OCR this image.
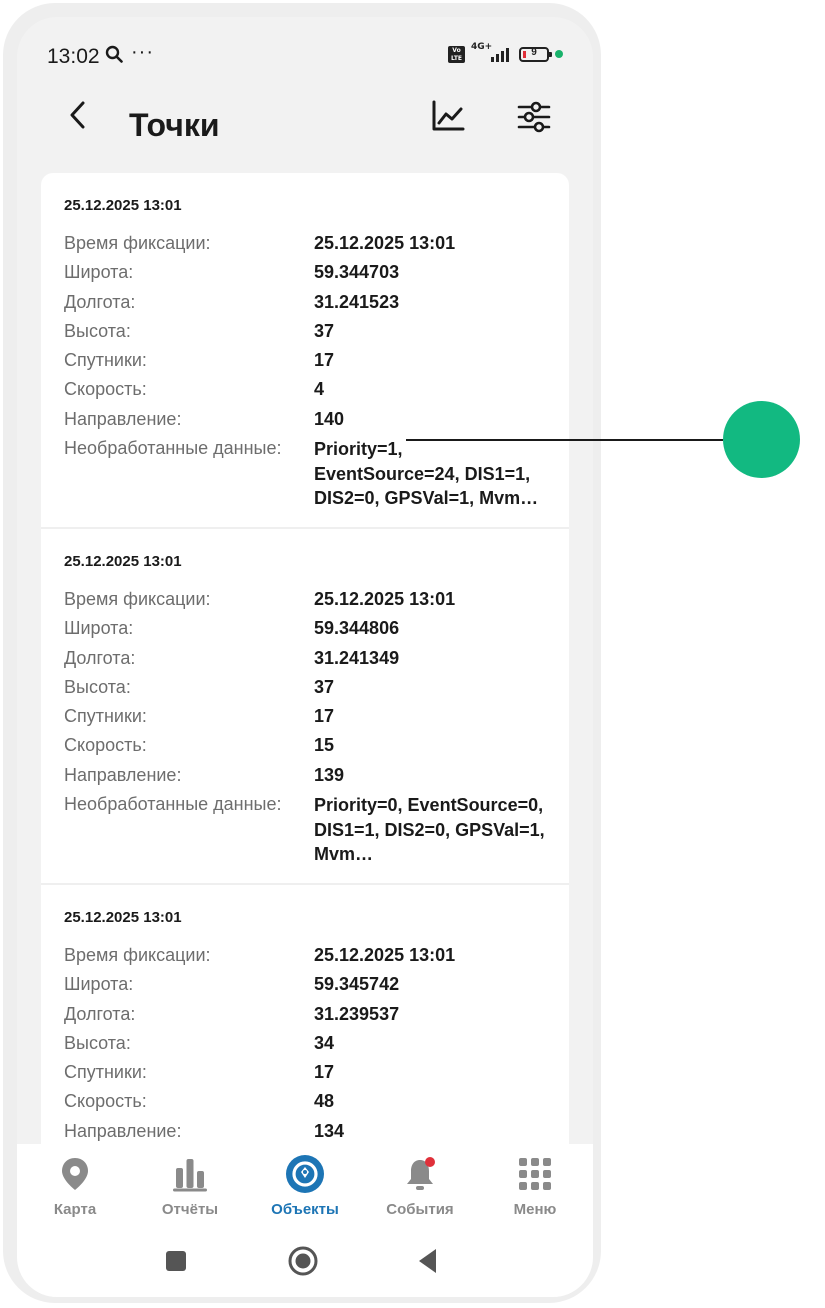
13:02 ···	Vo LTE
4G+	9
Точки
25.12.2025 13:01
Время фиксации:	25.12.2025 13:01
Широта:	59.344703
Долгота:	31.241523
Высота:	37
Спутники:	17
Скорость:	4
Направление:	140
Необработанные данные:	Priority=1, EventSource=24, DIS1=1, DIS2=0, GPSVal=1, Mvm…
25.12.2025 13:01
Время фиксации:	25.12.2025 13:01
Широта:	59.344806
Долгота:	31.241349
Высота:	37
Спутники:	17
Скорость:	15
Направление:	139
Необработанные данные:	Priority=0, EventSource=0, DIS1=1, DIS2=0, GPSVal=1, Mvm…
25.12.2025 13:01
Время фиксации:	25.12.2025 13:01
Широта:	59.345742
Долгота:	31.239537
Высота:	34
Спутники:	17
Скорость:	48
Направление:	134
Карта	Отчёты	Объекты	События	Меню
